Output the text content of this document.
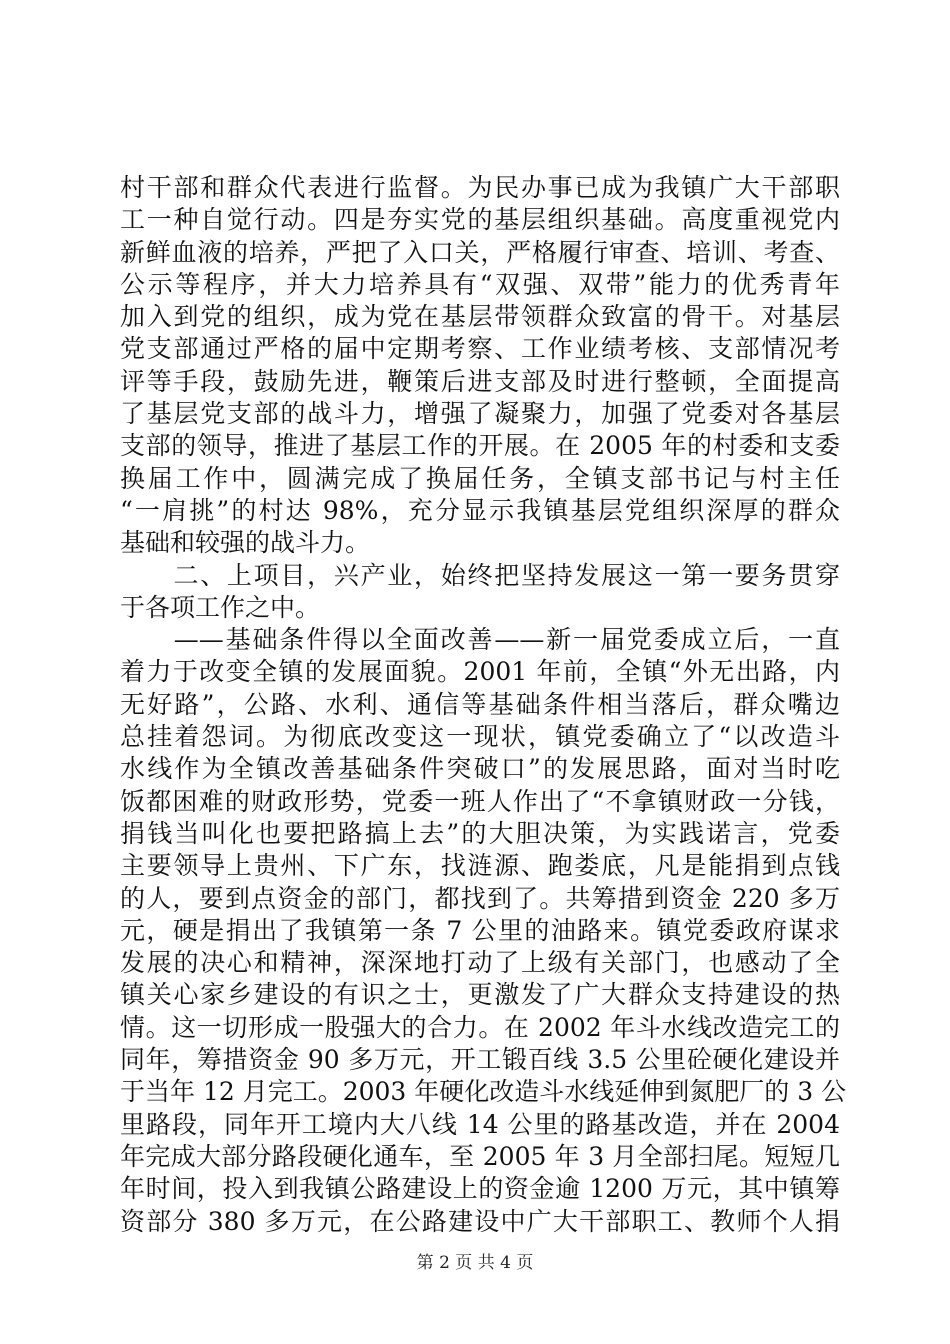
村干部和群众代表进行监督。为民办事已成为我镇广大干部职
工一种自觉行动。四是夯实党的基层组织基础。高度重视党内
新鲜血液的培养，严把了入口关，严格履行审查、培训、考查、
公示等程序，并大力培养具有“双强、双带”能力的优秀青年
加入到党的组织，成为党在基层带领群众致富的骨干。对基层
党支部通过严格的届中定期考察、工作业绩考核、支部情况考
评等手段，鼓励先进，鞭策后进支部及时进行整顿，全面提高
了基层党支部的战斗力，增强了凝聚力，加强了党委对各基层
支部的领导，推进了基层工作的开展。在 2005 年的村委和支委
换届工作中，圆满完成了换届任务，全镇支部书记与村主任
“一肩挑”的村达 98%，充分显示我镇基层党组织深厚的群众
基础和较强的战斗力。
　　二、上项目，兴产业，始终把坚持发展这一第一要务贯穿
于各项工作之中。
　　——基础条件得以全面改善——新一届党委成立后，一直
着力于改变全镇的发展面貌。2001 年前，全镇“外无出路，内
无好路”，公路、水利、通信等基础条件相当落后，群众嘴边
总挂着怨词。为彻底改变这一现状，镇党委确立了“以改造斗
水线作为全镇改善基础条件突破口”的发展思路，面对当时吃
饭都困难的财政形势，党委一班人作出了“不拿镇财政一分钱，
捐钱当叫化也要把路搞上去”的大胆决策，为实践诺言，党委
主要领导上贵州、下广东，找涟源、跑娄底，凡是能捐到点钱
的人，要到点资金的部门，都找到了。共筹措到资金 220 多万
元，硬是捐出了我镇第一条 7 公里的油路来。镇党委政府谋求
发展的决心和精神，深深地打动了上级有关部门，也感动了全
镇关心家乡建设的有识之士，更激发了广大群众支持建设的热
情。这一切形成一股强大的合力。在 2002 年斗水线改造完工的
同年，筹措资金 90 多万元，开工锻百线 3.5 公里砼硬化建设并
于当年 12 月完工。2003 年硬化改造斗水线延伸到氮肥厂的 3 公
里路段，同年开工境内大八线 14 公里的路基改造，并在 2004
年完成大部分路段硬化通车，至 2005 年 3 月全部扫尾。短短几
年时间，投入到我镇公路建设上的资金逾 1200 万元，其中镇筹
资部分 380 多万元，在公路建设中广大干部职工、教师个人捐
第 2 页 共 4 页
